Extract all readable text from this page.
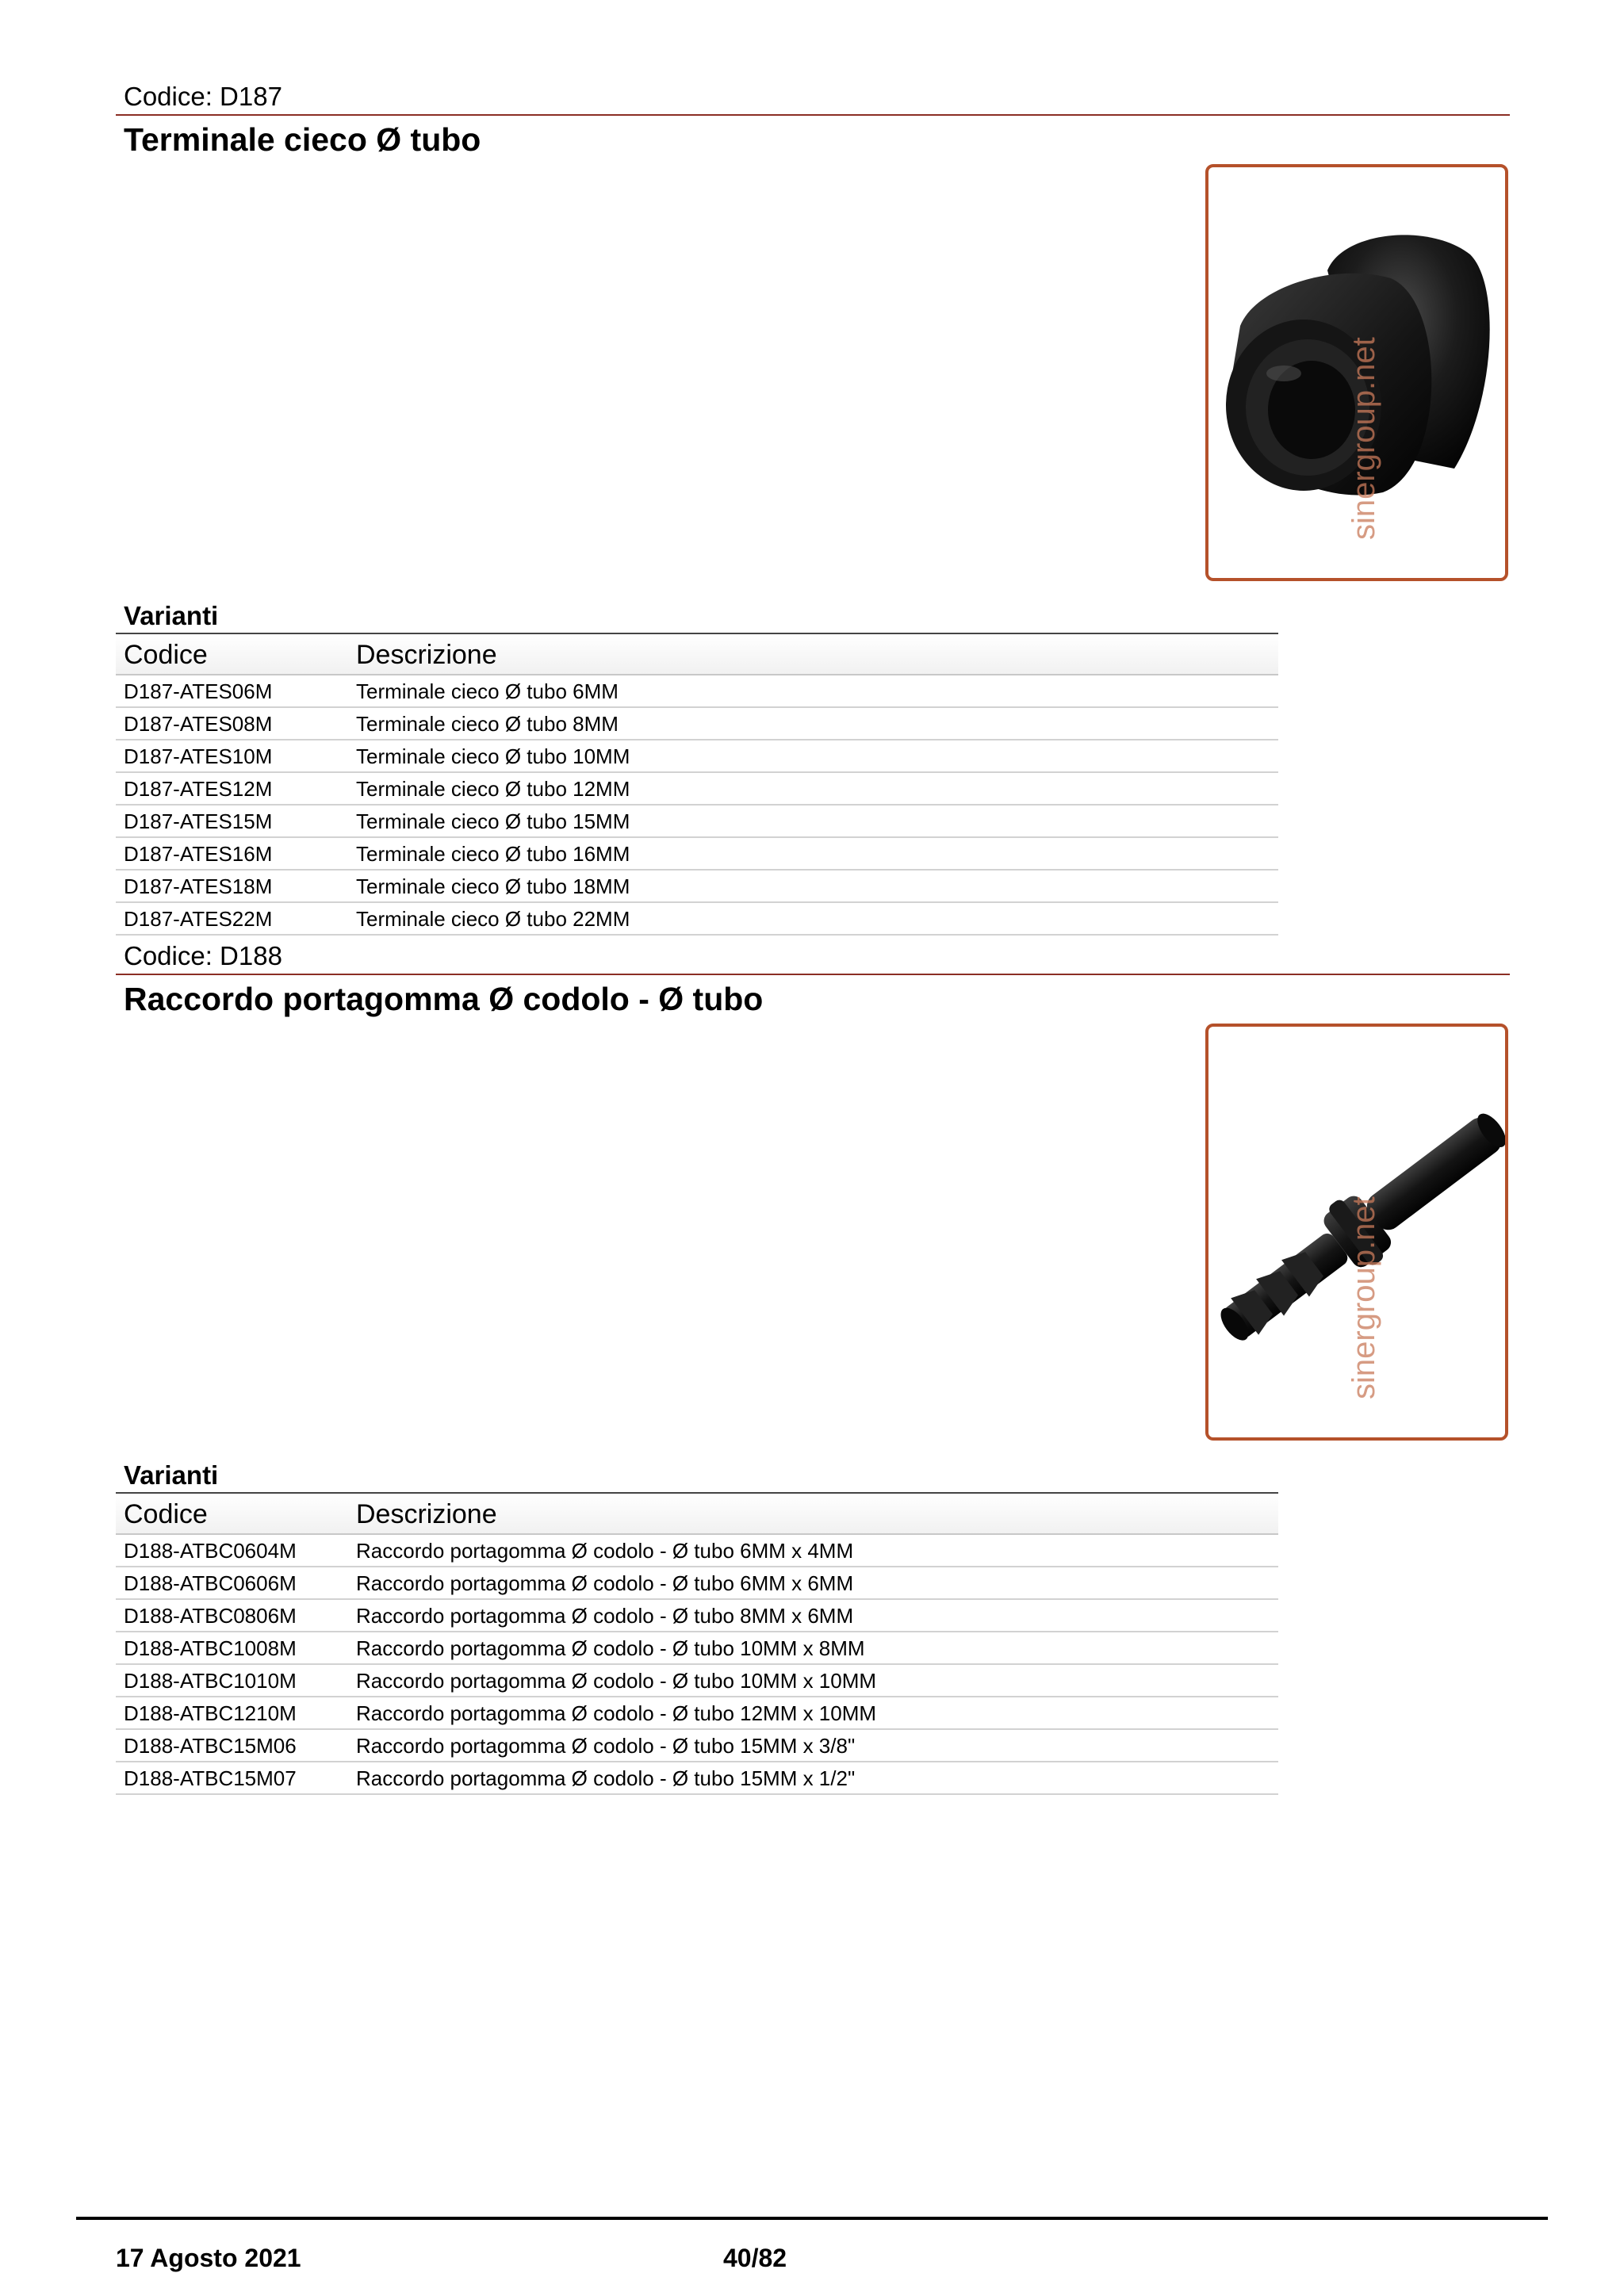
Codice: D187
Terminale cieco Ø tubo
sinergroup.net
Varianti
Codice	Descrizione
D187-ATES06M	Terminale cieco Ø tubo 6MM
D187-ATES08M	Terminale cieco Ø tubo 8MM
D187-ATES10M	Terminale cieco Ø tubo 10MM
D187-ATES12M	Terminale cieco Ø tubo 12MM
D187-ATES15M	Terminale cieco Ø tubo 15MM
D187-ATES16M	Terminale cieco Ø tubo 16MM
D187-ATES18M	Terminale cieco Ø tubo 18MM
D187-ATES22M	Terminale cieco Ø tubo 22MM
Codice: D188
Raccordo portagomma Ø codolo - Ø tubo
sinergroup.net
Varianti
Codice	Descrizione
D188-ATBC0604M	Raccordo portagomma Ø codolo - Ø tubo 6MM x 4MM
D188-ATBC0606M	Raccordo portagomma Ø codolo - Ø tubo 6MM x 6MM
D188-ATBC0806M	Raccordo portagomma Ø codolo - Ø tubo 8MM x 6MM
D188-ATBC1008M	Raccordo portagomma Ø codolo - Ø tubo 10MM x 8MM
D188-ATBC1010M	Raccordo portagomma Ø codolo - Ø tubo 10MM x 10MM
D188-ATBC1210M	Raccordo portagomma Ø codolo - Ø tubo 12MM x 10MM
D188-ATBC15M06	Raccordo portagomma Ø codolo - Ø tubo 15MM x 3/8"
D188-ATBC15M07	Raccordo portagomma Ø codolo - Ø tubo 15MM x 1/2"
17 Agosto 2021	40/82
